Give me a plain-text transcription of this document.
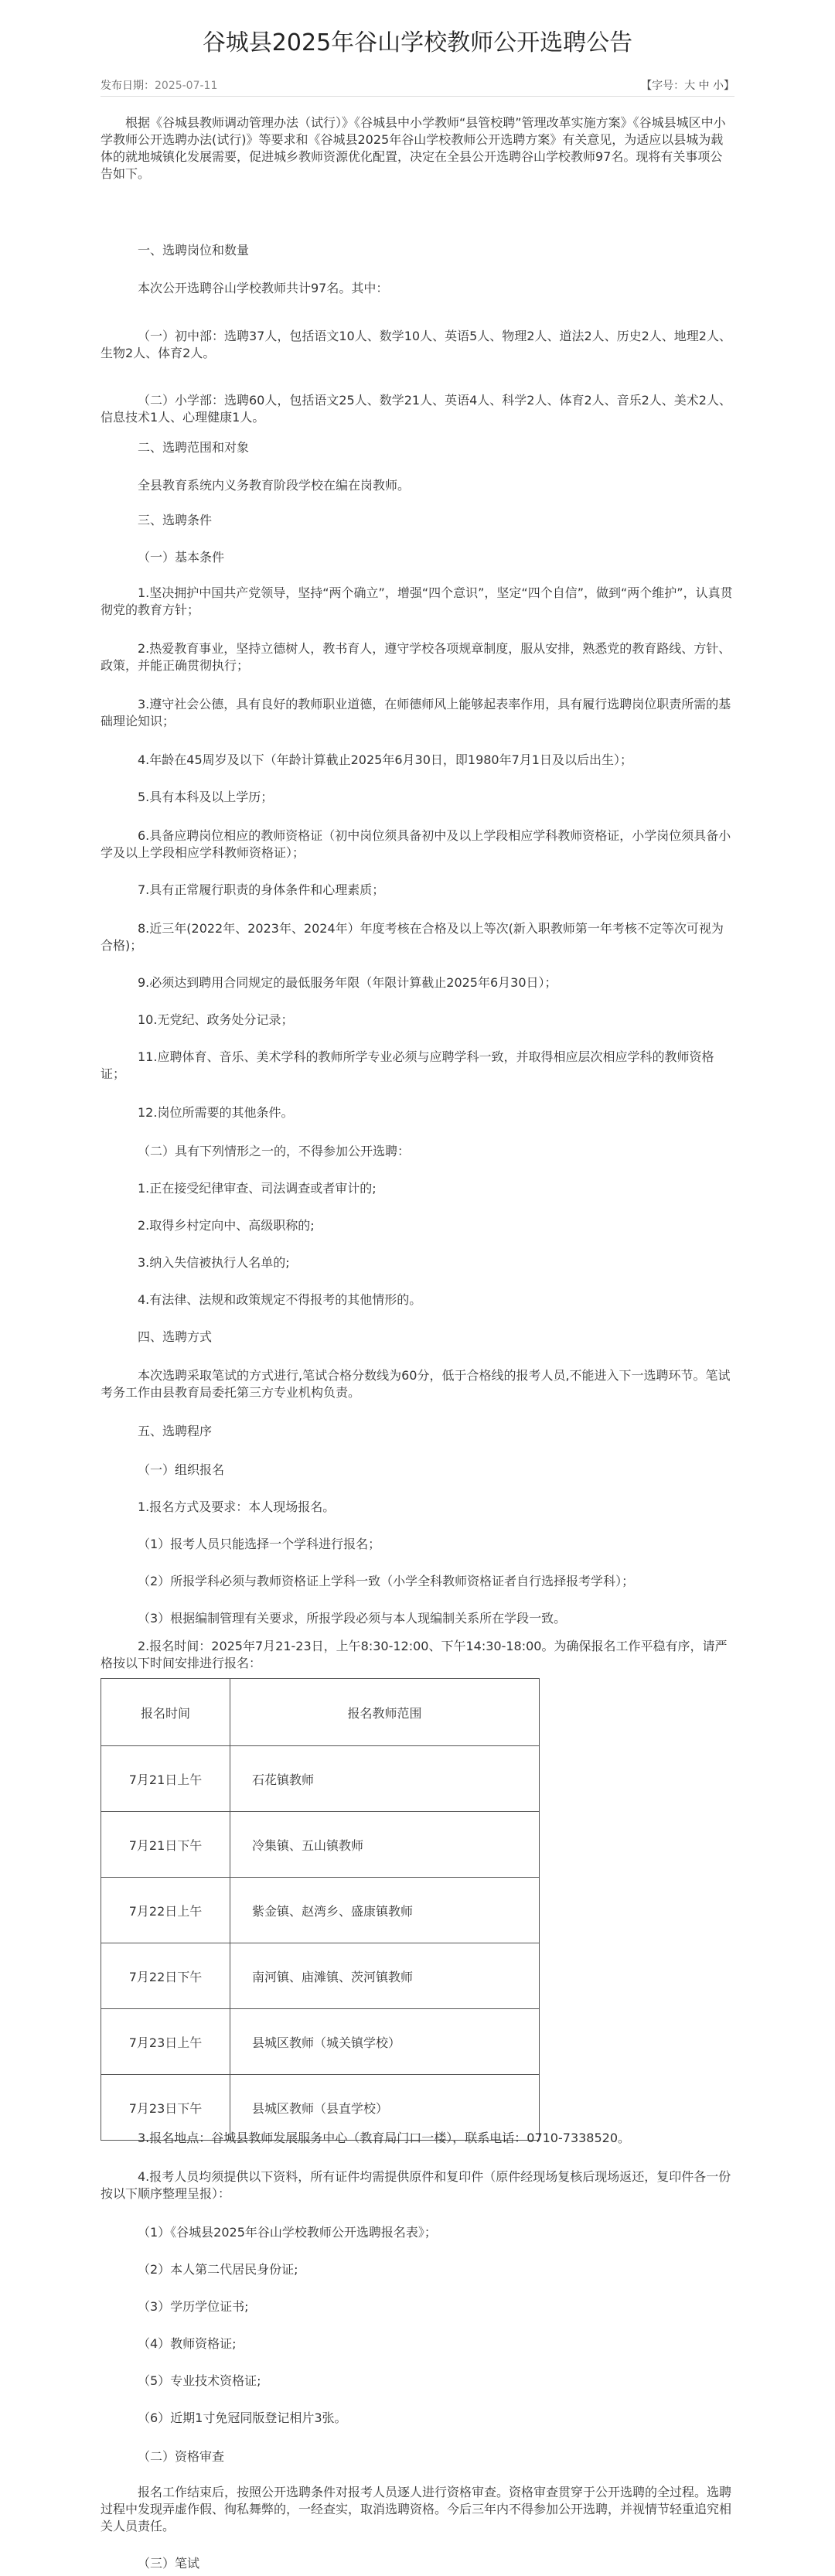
谷城县2025年谷山学校教师公开选聘公告
发布日期：2025-07-11	【字号：大 中 小】

根据《谷城县教师调动管理办法（试行）》《谷城县中小学教师“县管校聘”管理改革实施方案》《谷城县城区中小学教师公开选聘办法(试行)》等要求和《谷城县2025年谷山学校教师公开选聘方案》有关意见，为适应以县城为载体的就地城镇化发展需要，促进城乡教师资源优化配置，决定在全县公开选聘谷山学校教师97名。现将有关事项公告如下。

一、选聘岗位和数量

本次公开选聘谷山学校教师共计97名。其中：

（一）初中部：选聘37人，包括语文10人、数学10人、英语5人、物理2人、道法2人、历史2人、地理2人、生物2人、体育2人。

（二）小学部：选聘60人，包括语文25人、数学21人、英语4人、科学2人、体育2人、音乐2人、美术2人、信息技术1人、心理健康1人。

二、选聘范围和对象

全县教育系统内义务教育阶段学校在编在岗教师。

三、选聘条件

（一）基本条件

1.坚决拥护中国共产党领导，坚持“两个确立”，增强“四个意识”，坚定“四个自信”，做到“两个维护”，认真贯彻党的教育方针；

2.热爱教育事业，坚持立德树人，教书育人，遵守学校各项规章制度，服从安排，熟悉党的教育路线、方针、政策，并能正确贯彻执行；

3.遵守社会公德，具有良好的教师职业道德，在师德师风上能够起表率作用，具有履行选聘岗位职责所需的基础理论知识；

4.年龄在45周岁及以下（年龄计算截止2025年6月30日，即1980年7月1日及以后出生）；

5.具有本科及以上学历；

6.具备应聘岗位相应的教师资格证（初中岗位须具备初中及以上学段相应学科教师资格证，小学岗位须具备小学及以上学段相应学科教师资格证）；

7.具有正常履行职责的身体条件和心理素质；

8.近三年(2022年、2023年、2024年）年度考核在合格及以上等次(新入职教师第一年考核不定等次可视为合格)；

9.必须达到聘用合同规定的最低服务年限（年限计算截止2025年6月30日）；

10.无党纪、政务处分记录；

11.应聘体育、音乐、美术学科的教师所学专业必须与应聘学科一致，并取得相应层次相应学科的教师资格证；

12.岗位所需要的其他条件。

（二）具有下列情形之一的，不得参加公开选聘：

1.正在接受纪律审查、司法调查或者审计的;

2.取得乡村定向中、高级职称的;

3.纳入失信被执行人名单的;

4.有法律、法规和政策规定不得报考的其他情形的。

四、选聘方式

本次选聘采取笔试的方式进行,笔试合格分数线为60分，低于合格线的报考人员,不能进入下一选聘环节。笔试考务工作由县教育局委托第三方专业机构负责。

五、选聘程序

（一）组织报名

1.报名方式及要求：本人现场报名。

（1）报考人员只能选择一个学科进行报名；

（2）所报学科必须与教师资格证上学科一致（小学全科教师资格证者自行选择报考学科）；

（3）根据编制管理有关要求，所报学段必须与本人现编制关系所在学段一致。

2.报名时间：2025年7月21-23日，上午8:30-12:00、下午14:30-18:00。为确保报名工作平稳有序，请严格按以下时间安排进行报名：

报名时间	报名教师范围
7月21日上午	石花镇教师
7月21日下午	冷集镇、五山镇教师
7月22日上午	紫金镇、赵湾乡、盛康镇教师
7月22日下午	南河镇、庙滩镇、茨河镇教师
7月23日上午	县城区教师（城关镇学校）
7月23日下午	县城区教师（县直学校）

3.报名地点：谷城县教师发展服务中心（教育局门口一楼），联系电话：0710-7338520。

4.报考人员均须提供以下资料，所有证件均需提供原件和复印件（原件经现场复核后现场返还，复印件各一份按以下顺序整理呈报）：

（1）《谷城县2025年谷山学校教师公开选聘报名表》；

（2）本人第二代居民身份证;

（3）学历学位证书;

（4）教师资格证;

（5）专业技术资格证;

（6）近期1寸免冠同版登记相片3张。

（二）资格审查

报名工作结束后，按照公开选聘条件对报考人员逐人进行资格审查。资格审查贯穿于公开选聘的全过程。选聘过程中发现弄虚作假、徇私舞弊的，一经查实，取消选聘资格。今后三年内不得参加公开选聘，并视情节轻重追究相关人员责任。

（三）笔试
